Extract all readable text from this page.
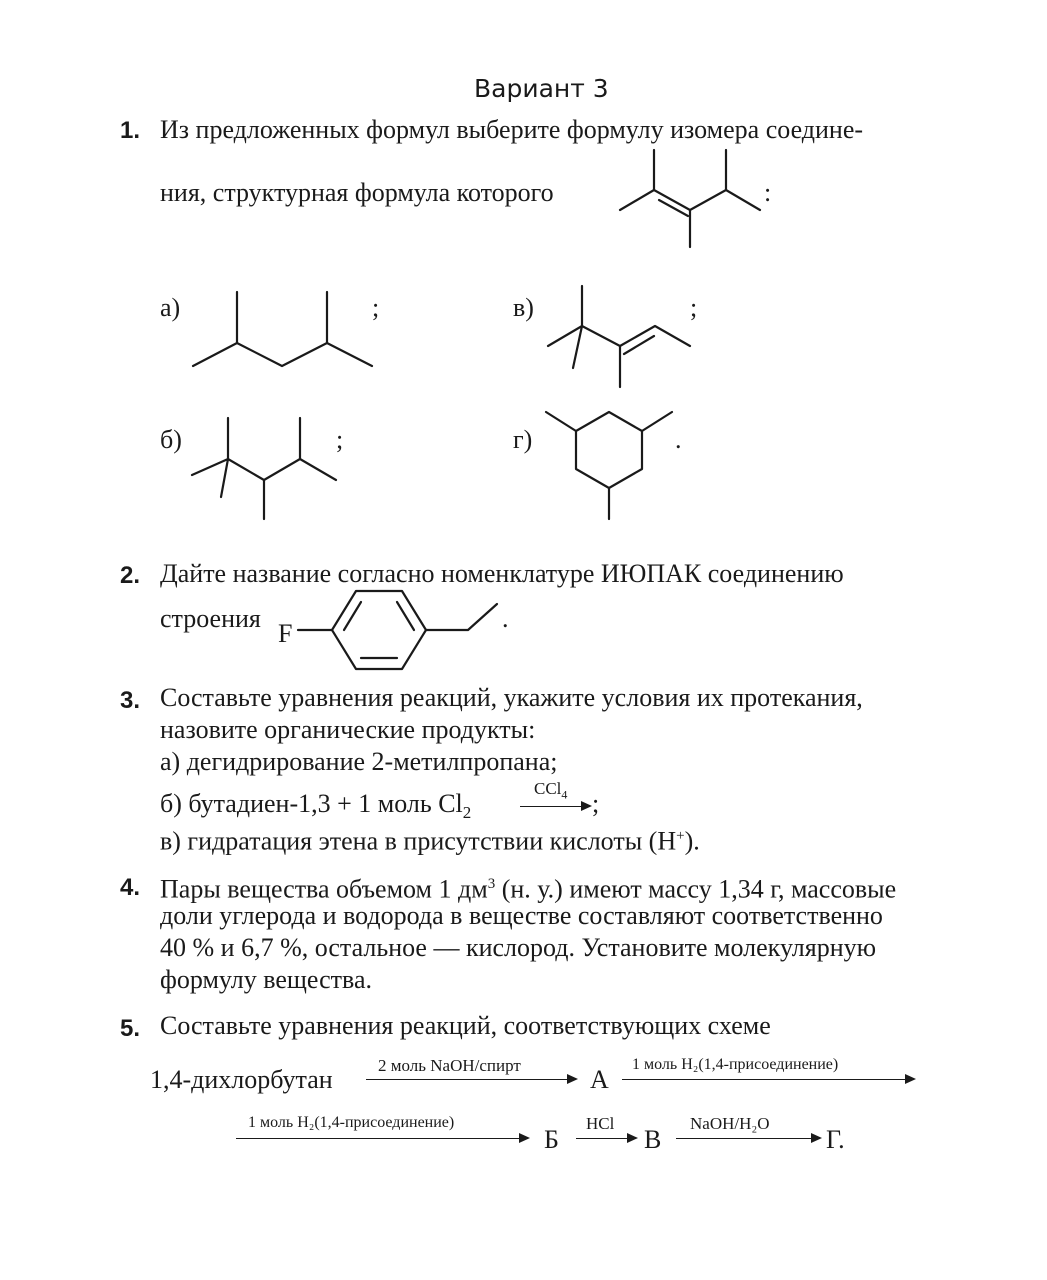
Вариант 3
1. Из предложенных формул выберите формулу изомера соедине-
ния, структурная формула которого	:
а)	;	в)	;
б)	;	г)	.
2. Дайте название согласно номенклатуре ИЮПАК соединению
строения
F
.
3. Составьте уравнения реакций, укажите условия их протекания,
назовите органические продукты:
а) дегидрирование 2-метилпропана;
б) бутадиен-1,3 + 1 моль $Cl_2$
CCl$_4$ ;
в) гидратация этена в присутствии кислоты (H+).
4. Пары вещества объемом 1 $дм^3$ (н. у.) имеют массу 1,34 г, массовые
доли углерода и водорода в веществе составляют соответственно
40 % и 6,7 %, остальное — кислород. Установите молекулярную
формулу вещества.
5. Составьте уравнения реакций, соответствующих схеме
1,4-дихлорбутан	2 моль NaOH/спирт	А
1 моль H₂(1,4-присоединение)
1 моль H₂(1,4-присоединение)
Б
HCl
В
NaOH/H₂O
Г.
